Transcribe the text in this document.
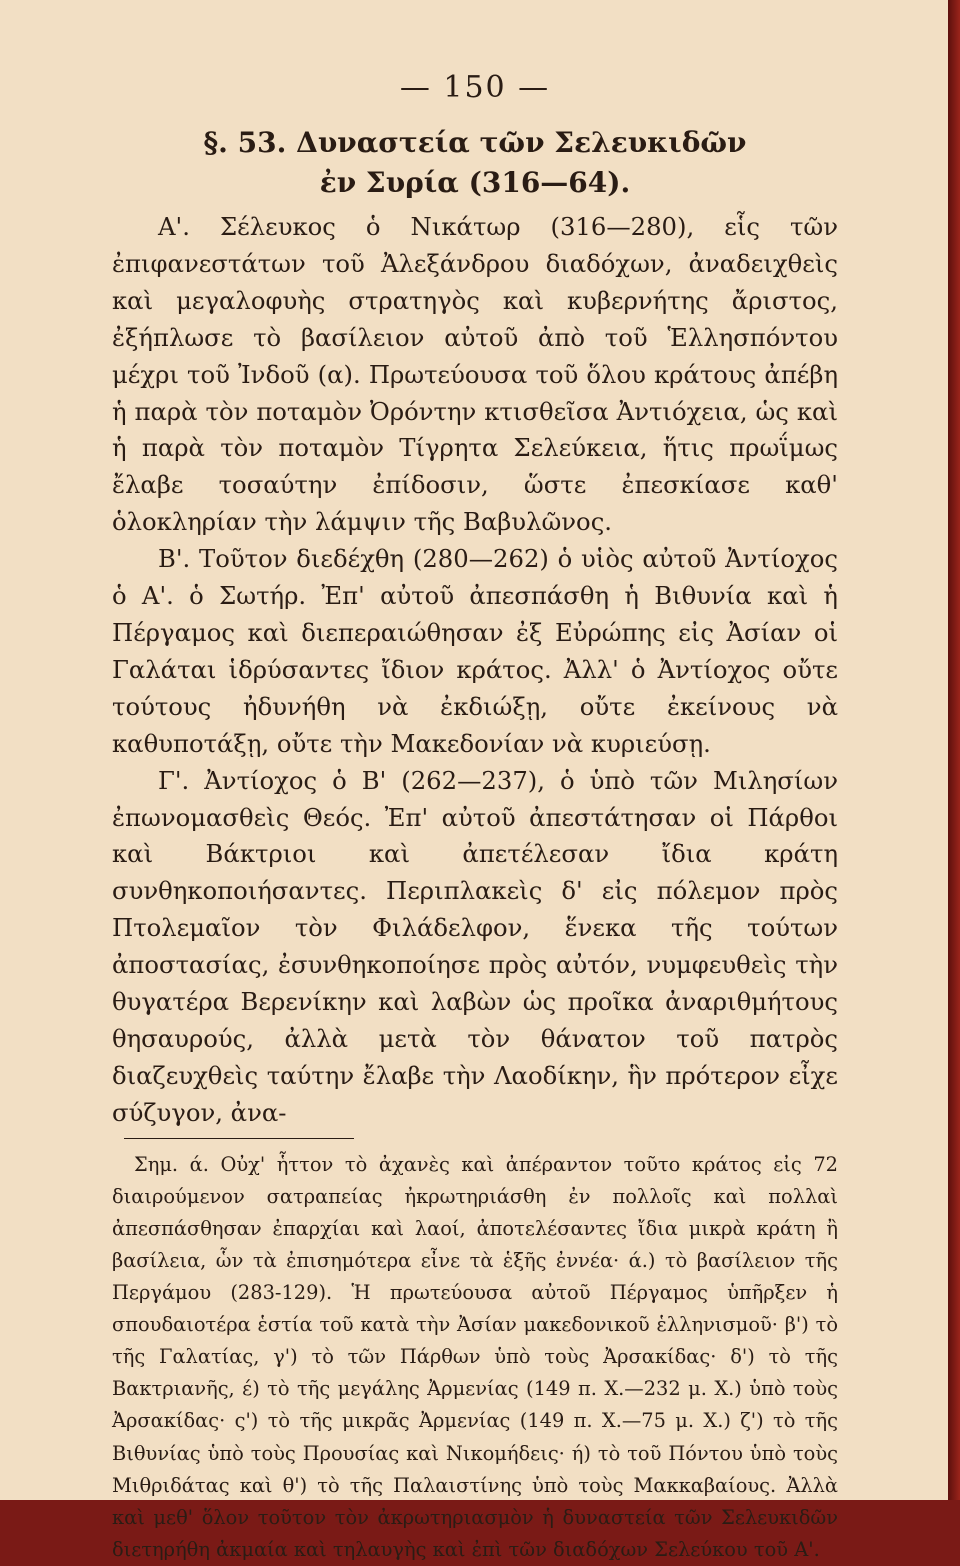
— 150 —
§. 53. Δυναστεία τῶν Σελευκιδῶν
ἐν Συρία (316—64).

Α'. Σέλευκος ὁ Νικάτωρ (316—280), εἷς τῶν ἐπιφανεστάτων τοῦ Ἀλεξάνδρου διαδόχων, ἀναδειχθεὶς καὶ μεγαλοφυὴς στρατηγὸς καὶ κυβερνήτης ἄριστος, ἐξήπλωσε τὸ βασίλειον αὐτοῦ ἀπὸ τοῦ Ἑλλησπόντου μέχρι τοῦ Ἰνδοῦ (α). Πρωτεύουσα τοῦ ὅλου κράτους ἀπέβη ἡ παρὰ τὸν ποταμὸν Ὀρόντην κτισθεῖσα Ἀντιόχεια, ὡς καὶ ἡ παρὰ τὸν ποταμὸν Τίγρητα Σελεύκεια, ἥτις πρωΐμως ἔλαβε τοσαύτην ἐπίδοσιν, ὥστε ἐπεσκίασε καθ' ὁλοκληρίαν τὴν λάμψιν τῆς Βαβυλῶνος.

Β'. Τοῦτον διεδέχθη (280—262) ὁ υἱὸς αὐτοῦ Ἀντίοχος ὁ Α'. ὁ Σωτήρ. Ἐπ' αὐτοῦ ἀπεσπάσθη ἡ Βιθυνία καὶ ἡ Πέργαμος καὶ διεπεραιώθησαν ἐξ Εὐρώπης εἰς Ἀσίαν οἱ Γαλάται ἱδρύσαντες ἴδιον κράτος. Ἀλλ' ὁ Ἀντίοχος οὔτε τούτους ἠδυνήθη νὰ ἐκδιώξῃ, οὔτε ἐκείνους νὰ καθυποτάξῃ, οὔτε τὴν Μακεδονίαν νὰ κυριεύσῃ.

Γ'. Ἀντίοχος ὁ Β' (262—237), ὁ ὑπὸ τῶν Μιλησίων ἐπωνομασθεὶς Θεός. Ἐπ' αὐτοῦ ἀπεστάτησαν οἱ Πάρθοι καὶ Βάκτριοι καὶ ἀπετέλεσαν ἴδια κράτη συνθηκοποιήσαντες. Περιπλακεὶς δ' εἰς πόλεμον πρὸς Πτολεμαῖον τὸν Φιλάδελφον, ἕνεκα τῆς τούτων ἀποστασίας, ἐσυνθηκοποίησε πρὸς αὐτόν, νυμφευθεὶς τὴν θυγατέρα Βερενίκην καὶ λαβὼν ὡς προῖκα ἀναριθμήτους θησαυρούς, ἀλλὰ μετὰ τὸν θάνατον τοῦ πατρὸς διαζευχθεὶς ταύτην ἔλαβε τὴν Λαοδίκην, ἣν πρότερον εἶχε σύζυγον, ἀνα-

Σημ. ά. Οὐχ' ἧττον τὸ ἀχανὲς καὶ ἀπέραντον τοῦτο κράτος εἰς 72 διαιρούμενον σατραπείας ἠκρωτηριάσθη ἐν πολλοῖς καὶ πολλαὶ ἀπεσπάσθησαν ἐπαρχίαι καὶ λαοί, ἀποτελέσαντες ἴδια μικρὰ κράτη ἢ βασίλεια, ὧν τὰ ἐπισημότερα εἶνε τὰ ἑξῆς ἐννέα· ά.) τὸ βασίλειον τῆς Περγάμου (283-129). Ἡ πρωτεύουσα αὐτοῦ Πέργαμος ὑπῆρξεν ἡ σπουδαιοτέρα ἑστία τοῦ κατὰ τὴν Ἀσίαν μακεδονικοῦ ἑλληνισμοῦ· β') τὸ τῆς Γαλατίας, γ') τὸ τῶν Πάρθων ὑπὸ τοὺς Ἀρσακίδας· δ') τὸ τῆς Βακτριανῆς, έ) τὸ τῆς μεγάλης Ἀρμενίας (149 π. Χ.—232 μ. Χ.) ὑπὸ τοὺς Ἀρσακίδας· ς') τὸ τῆς μικρᾶς Ἀρμενίας (149 π. Χ.—75 μ. Χ.) ζ') τὸ τῆς Βιθυνίας ὑπὸ τοὺς Προυσίας καὶ Νικομήδεις· ή) τὸ τοῦ Πόντου ὑπὸ τοὺς Μιθριδάτας καὶ θ') τὸ τῆς Παλαιστίνης ὑπὸ τοὺς Μακκαβαίους. Ἀλλὰ καὶ μεθ' ὅλον τοῦτον τὸν ἀκρωτηριασμὸν ἡ δυναστεία τῶν Σελευκιδῶν διετηρήθη ἀκμαία καὶ τηλαυγὴς καὶ ἐπὶ τῶν διαδόχων Σελεύκου τοῦ Α'.
